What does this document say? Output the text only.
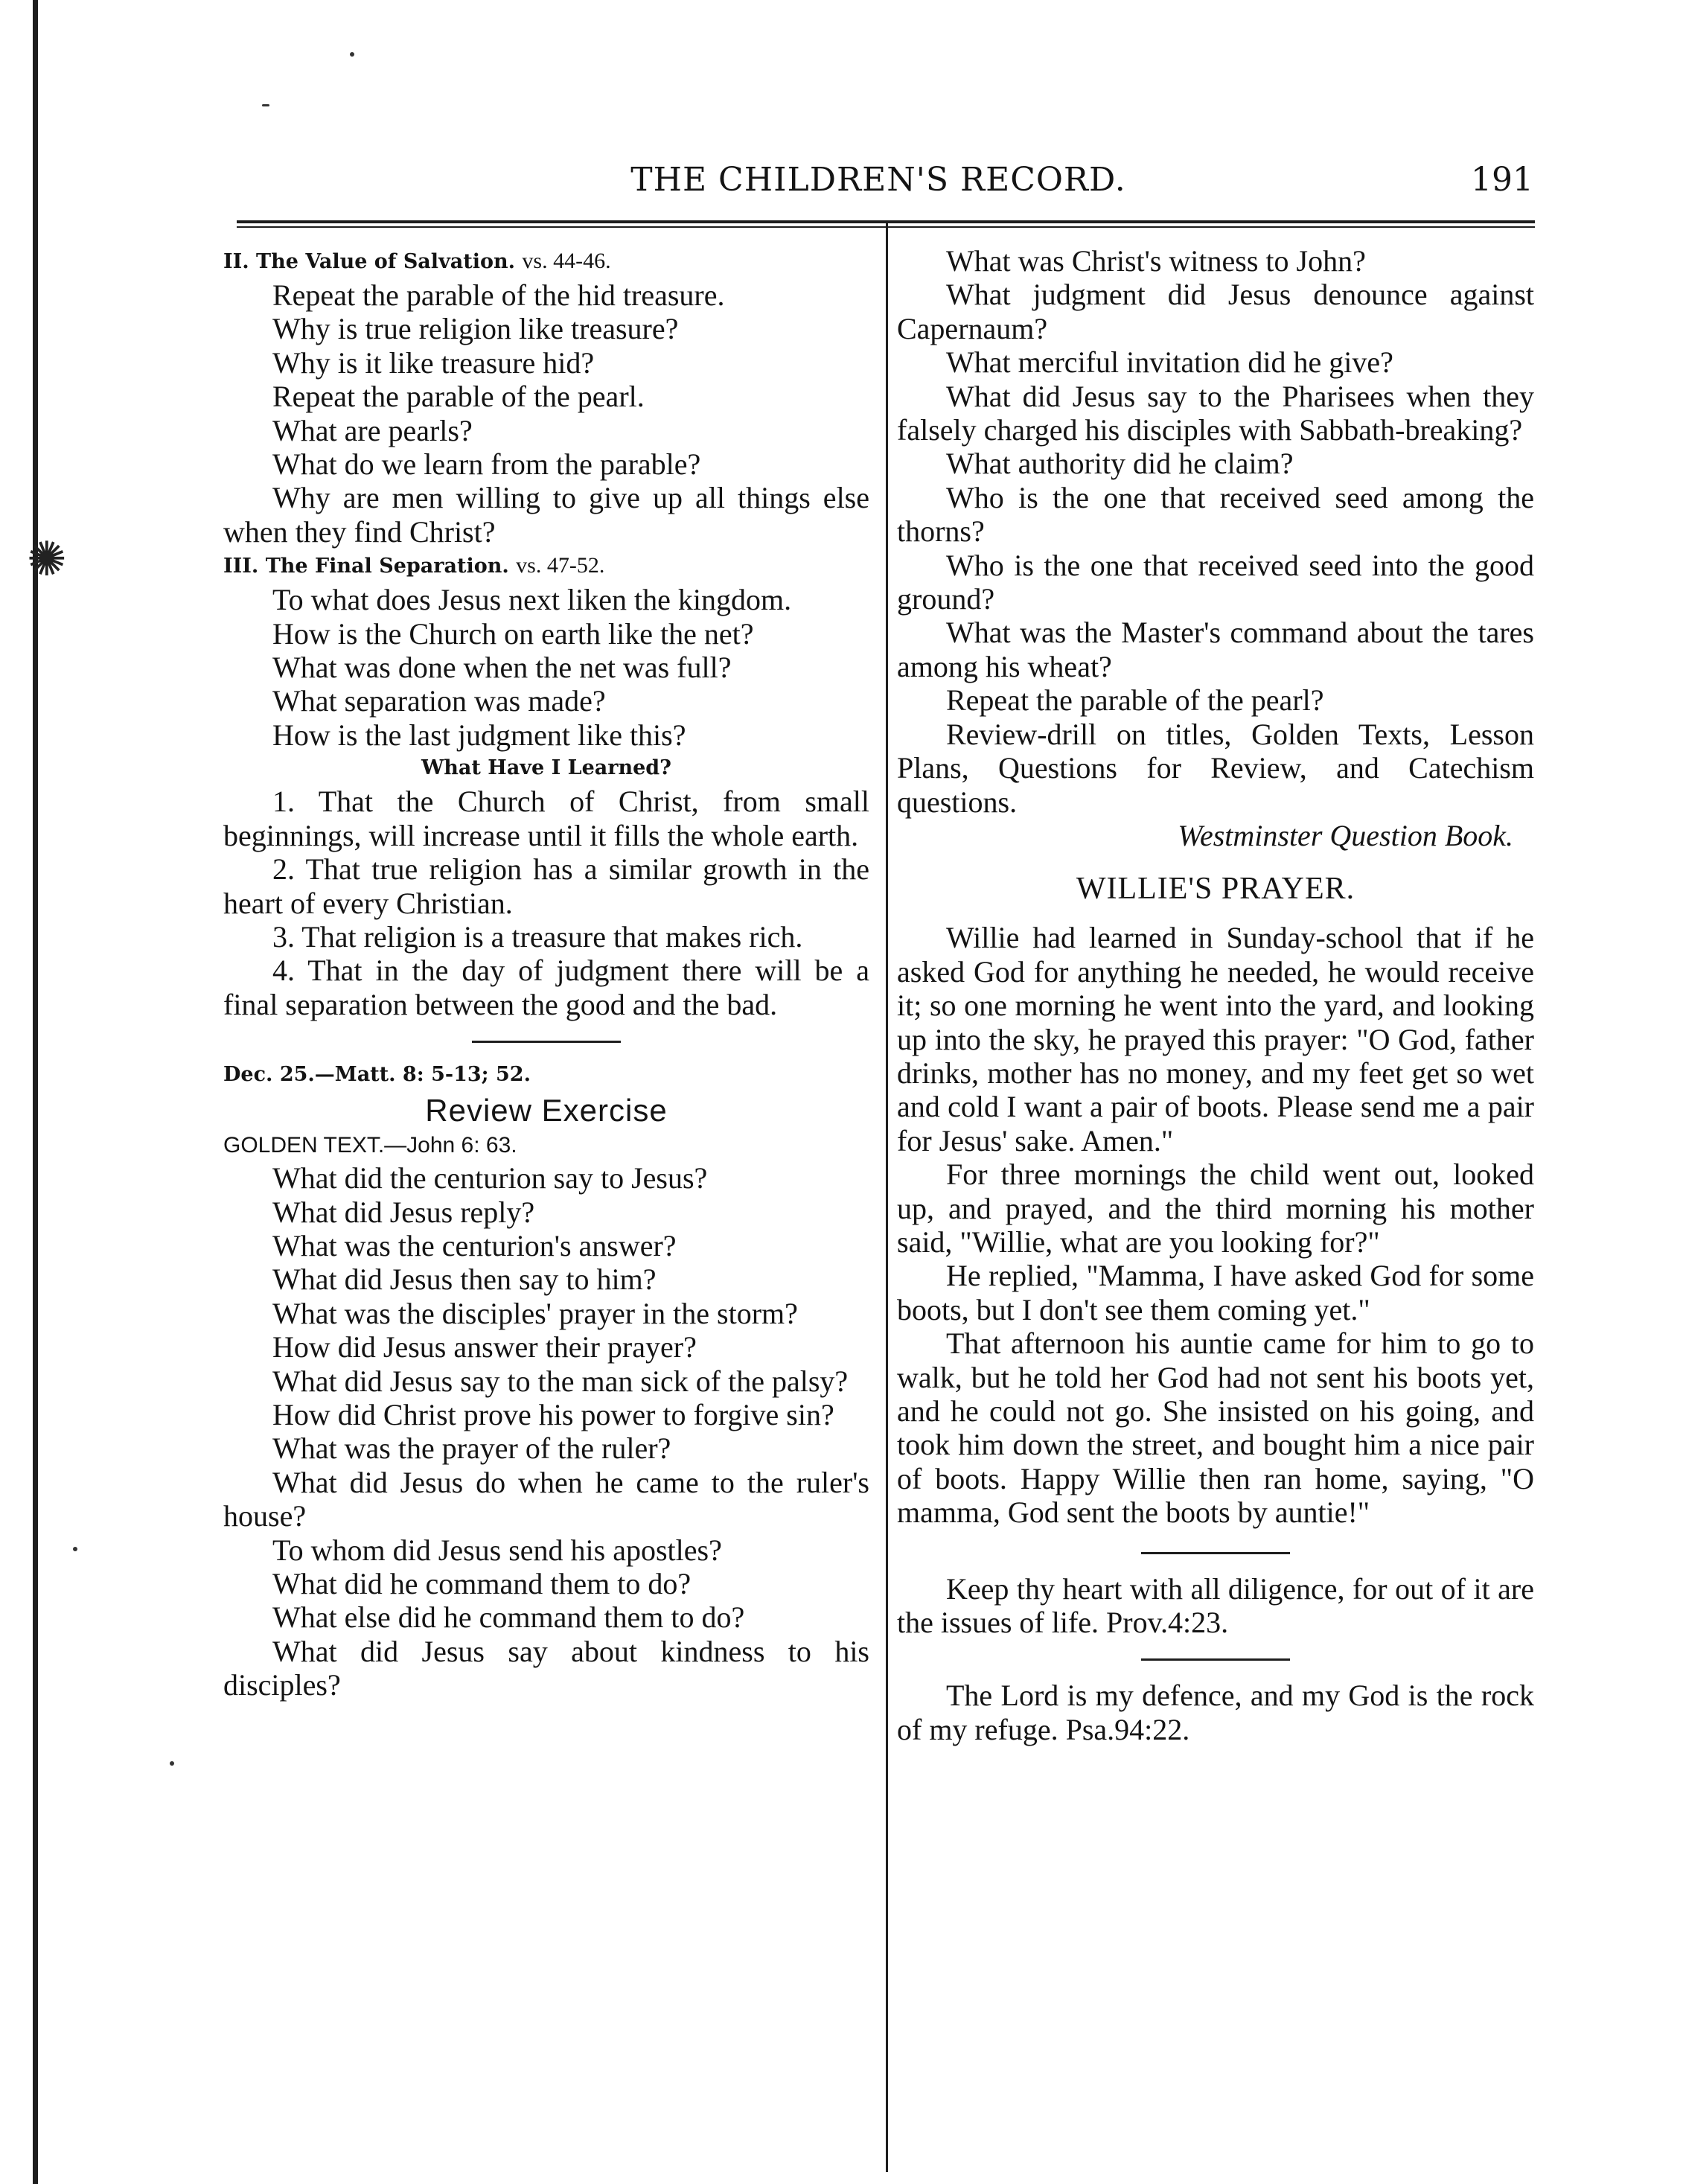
✺
THE CHILDREN'S RECORD.	191

II. The Value of Salvation. vs. 44-46.

Repeat the parable of the hid treasure.

Why is true religion like treasure?

Why is it like treasure hid?

Repeat the parable of the pearl.

What are pearls?

What do we learn from the parable?

Why are men willing to give up all things else when they find Christ?

III. The Final Separation. vs. 47-52.

To what does Jesus next liken the kingdom.

How is the Church on earth like the net?

What was done when the net was full?

What separation was made?

How is the last judgment like this?

What Have I Learned?

1. That the Church of Christ, from small beginnings, will increase until it fills the whole earth.

2. That true religion has a similar growth in the heart of every Christian.

3. That religion is a treasure that makes rich.

4. That in the day of judgment there will be a final separation between the good and the bad.

Dec. 25.—Matt. 8: 5-13; 52.

Review Exercise

GOLDEN TEXT.—John 6: 63.

What did the centurion say to Jesus?

What did Jesus reply?

What was the centurion's answer?

What did Jesus then say to him?

What was the disciples' prayer in the storm?

How did Jesus answer their prayer?

What did Jesus say to the man sick of the palsy?

How did Christ prove his power to forgive sin?

What was the prayer of the ruler?

What did Jesus do when he came to the ruler's house?

To whom did Jesus send his apostles?

What did he command them to do?

What else did he command them to do?

What did Jesus say about kindness to his disciples?

What was Christ's witness to John?

What judgment did Jesus denounce against Capernaum?

What merciful invitation did he give?

What did Jesus say to the Pharisees when they falsely charged his disciples with Sabbath-breaking?

What authority did he claim?

Who is the one that received seed among the thorns?

Who is the one that received seed into the good ground?

What was the Master's command about the tares among his wheat?

Repeat the parable of the pearl?

Review-drill on titles, Golden Texts, Lesson Plans, Questions for Review, and Catechism questions.

Westminster Question Book.

WILLIE'S PRAYER.

Willie had learned in Sunday-school that if he asked God for anything he needed, he would receive it; so one morning he went into the yard, and looking up into the sky, he prayed this prayer: "O God, father drinks, mother has no money, and my feet get so wet and cold I want a pair of boots. Please send me a pair for Jesus' sake. Amen."

For three mornings the child went out, looked up, and prayed, and the third morning his mother said, "Willie, what are you looking for?"

He replied, "Mamma, I have asked God for some boots, but I don't see them coming yet."

That afternoon his auntie came for him to go to walk, but he told her God had not sent his boots yet, and he could not go. She insisted on his going, and took him down the street, and bought him a nice pair of boots. Happy Willie then ran home, saying, "O mamma, God sent the boots by auntie!"

Keep thy heart with all diligence, for out of it are the issues of life. Prov.4:23.

The Lord is my defence, and my God is the rock of my refuge. Psa.94:22.
